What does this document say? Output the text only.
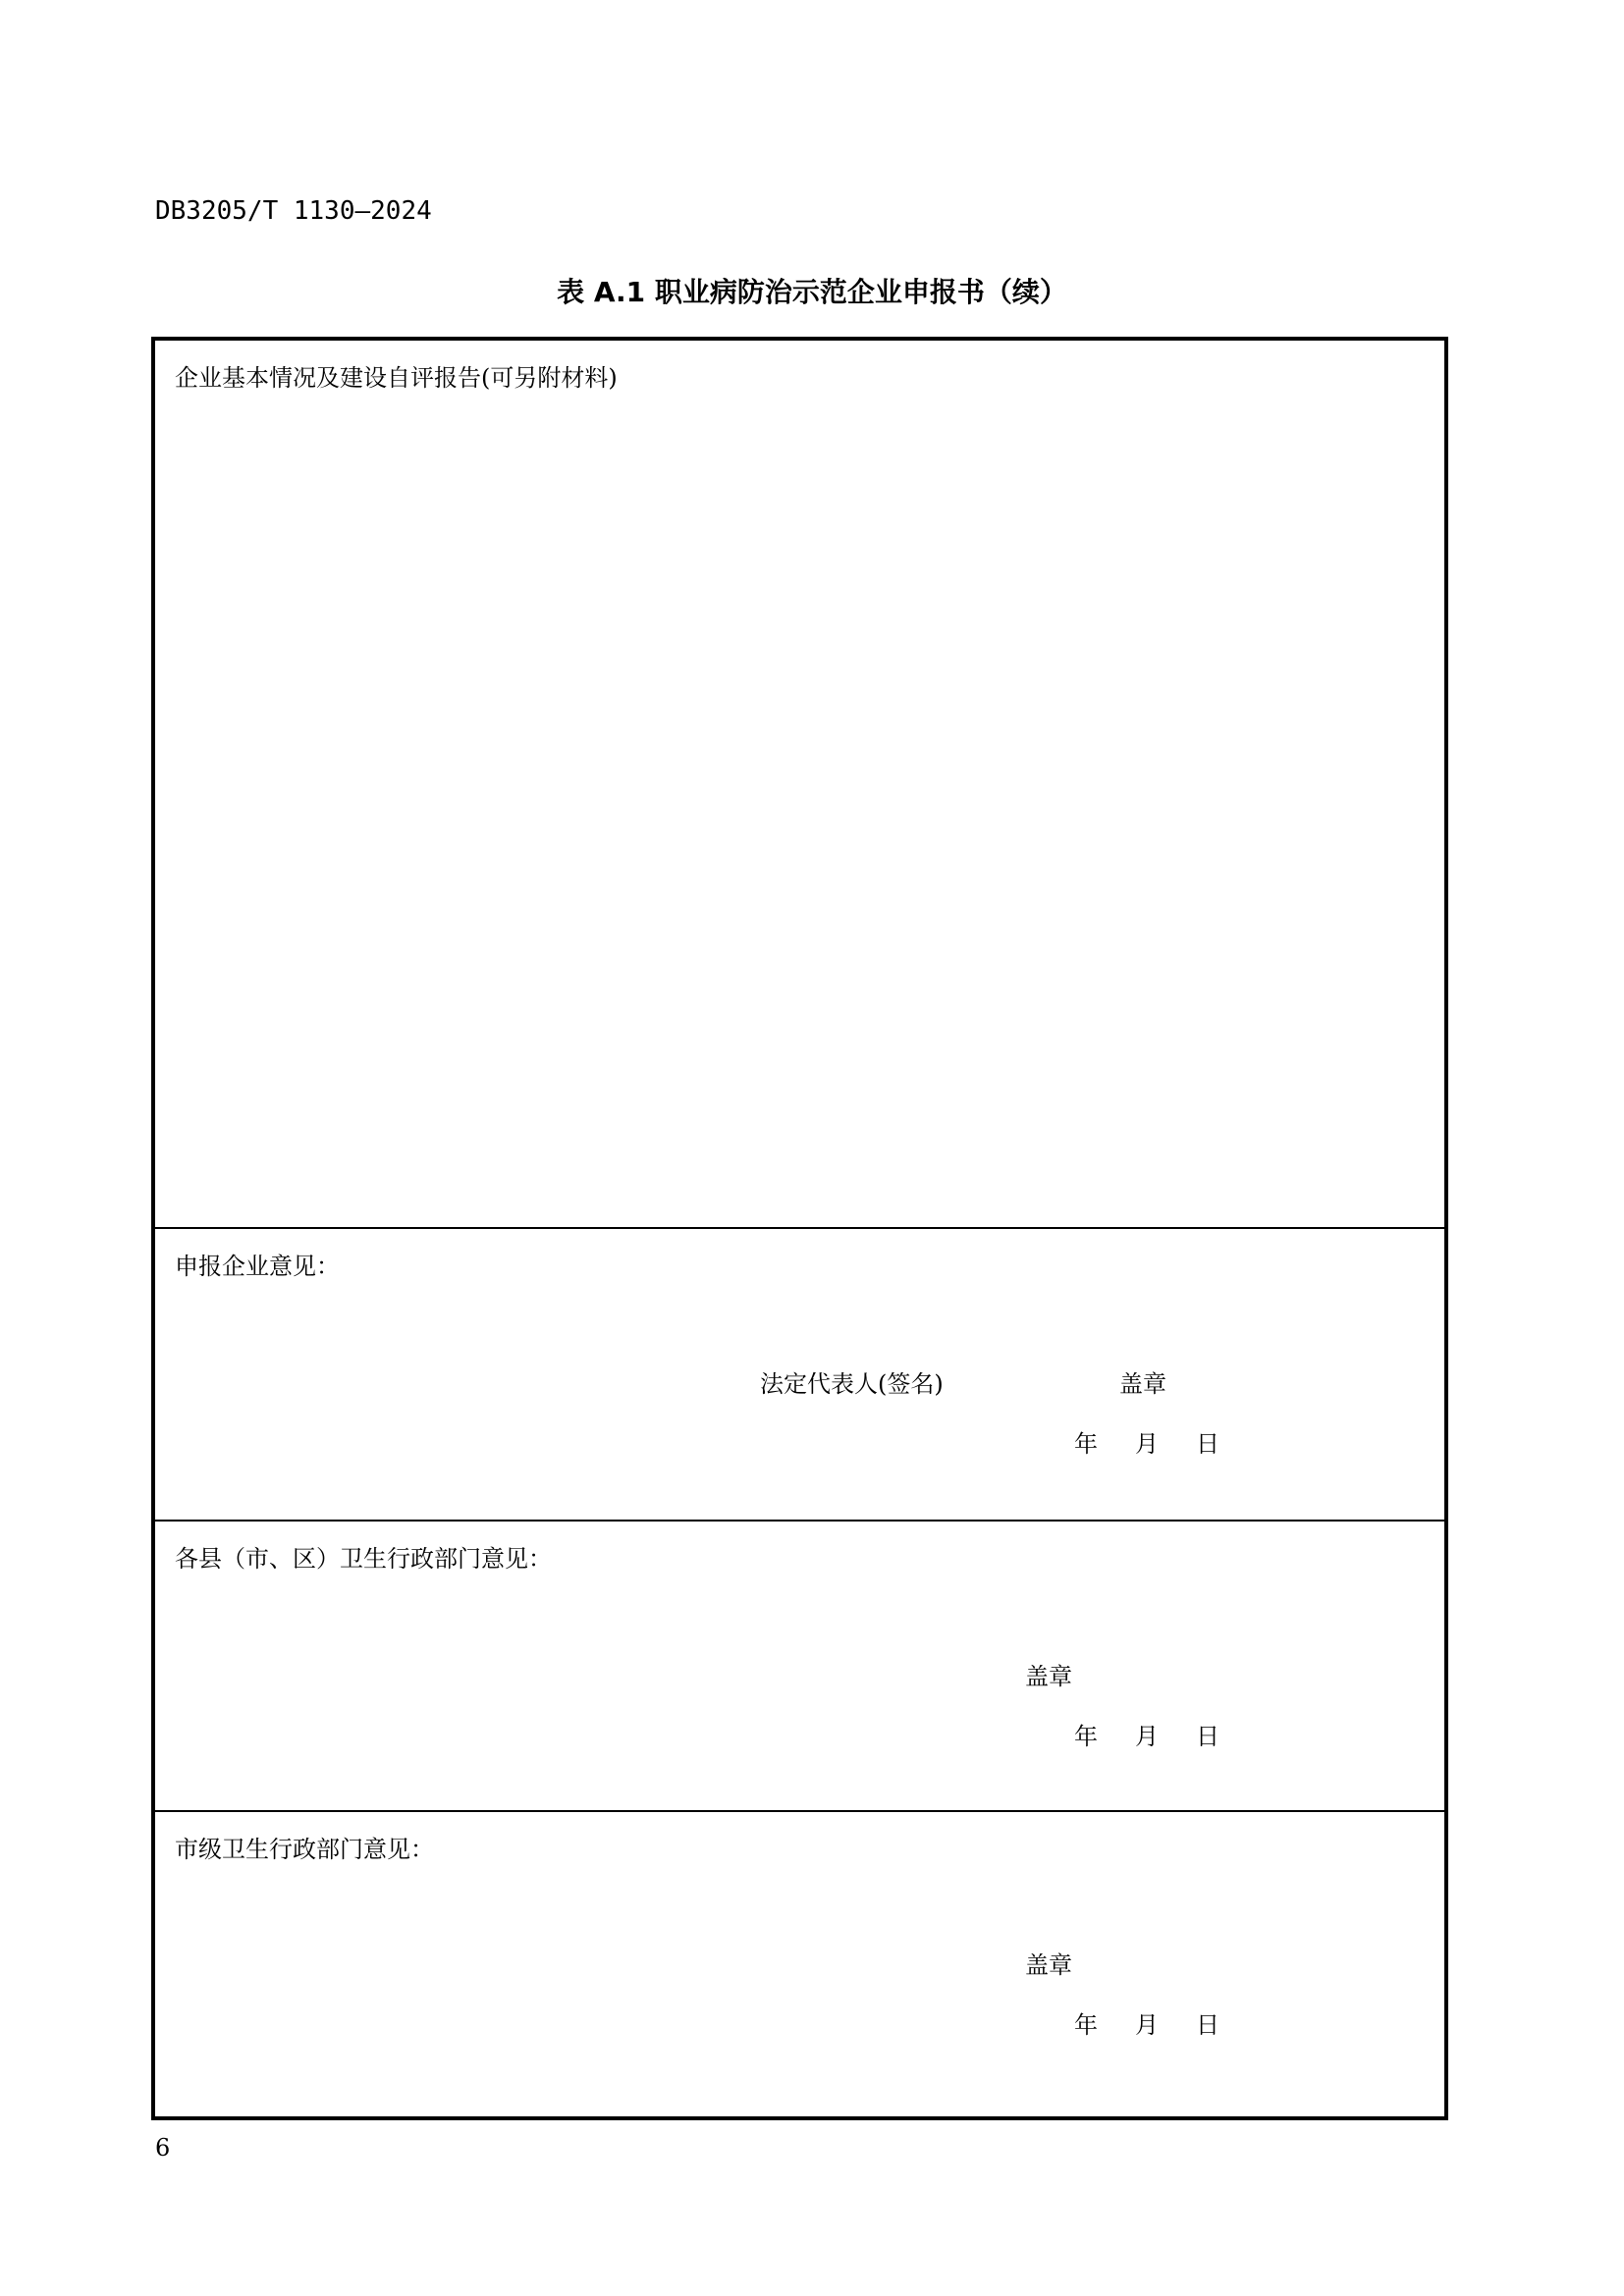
DB3205/T 1130—2024
表 A.1 职业病防治示范企业申报书（续）
企业基本情况及建设自评报告(可另附材料)
申报企业意见：
法定代表人(签名)	盖章
年 月 日
各县（市、区）卫生行政部门意见：
盖章
年 月 日
市级卫生行政部门意见：
盖章
年 月 日
6
